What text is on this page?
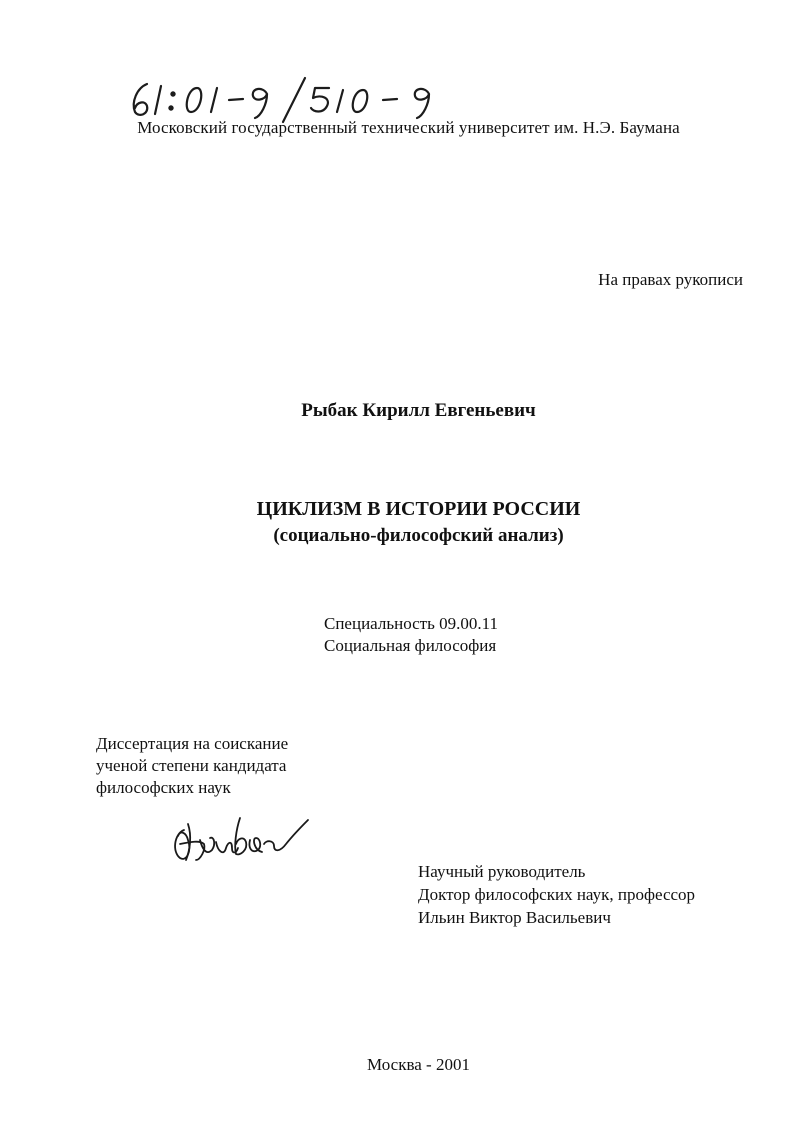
Московский государственный технический университет им. Н.Э. Баумана
На правах рукописи
Рыбак Кирилл Евгеньевич
ЦИКЛИЗМ В ИСТОРИИ РОССИИ
(социально-философский анализ)
Специальность 09.00.11
Социальная философия
Диссертация на соискание
ученой степени кандидата
философских наук
Научный руководитель
Доктор философских наук, профессор
Ильин Виктор Васильевич
Москва - 2001
